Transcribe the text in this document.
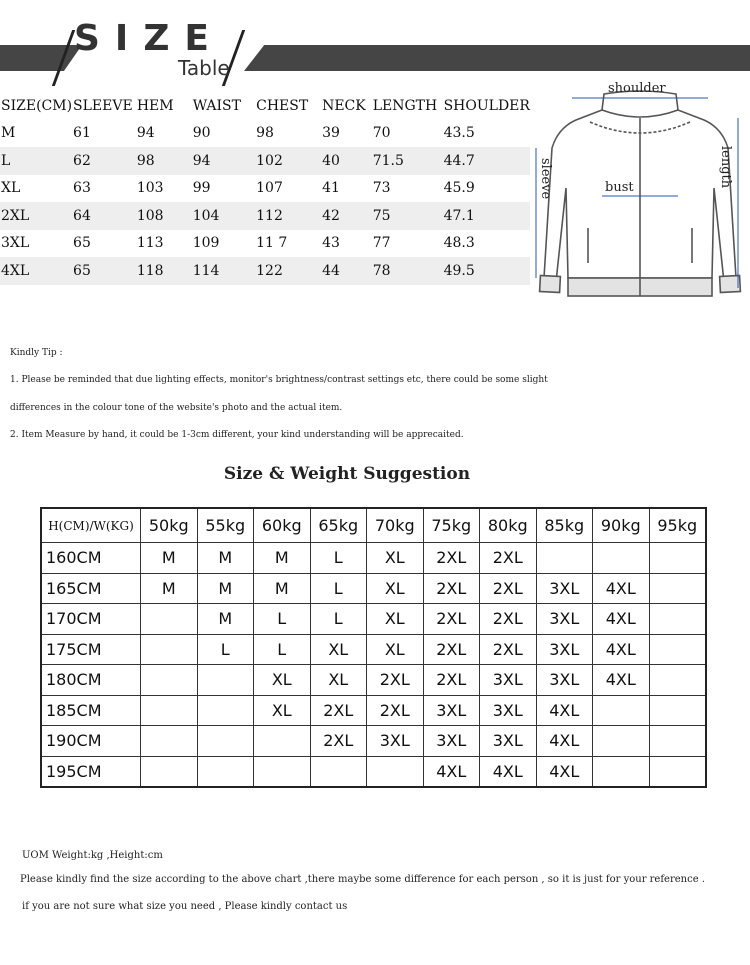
SIZE
Table
SIZE(CM)	SLEEVE	HEM	WAIST	CHEST	NECK	LENGTH	SHOULDER
M	61	94	90	98	39	70	43.5
L	62	98	94	102	40	71.5	44.7
XL	63	103	99	107	41	73	45.9
2XL	64	108	104	112	42	75	47.1
3XL	65	113	109	11 7	43	77	48.3
4XL	65	118	114	122	44	78	49.5
shoulder
bust
sleeve	length
Kindly Tip :
1. Please be reminded that due lighting effects, monitor's brightness/contrast settings etc, there could be some slight
differences in the colour tone of the website's photo and the actual item.
2. Item Measure by hand, it could be 1-3cm different, your kind understanding will be apprecaited.
Size & Weight Suggestion
H(CM)/W(KG)	50kg	55kg	60kg	65kg	70kg	75kg	80kg	85kg	90kg	95kg
160CM	M	M	M	L	XL	2XL	2XL			
165CM	M	M	M	L	XL	2XL	2XL	3XL	4XL	
170CM		M	L	L	XL	2XL	2XL	3XL	4XL	
175CM		L	L	XL	XL	2XL	2XL	3XL	4XL	
180CM			XL	XL	2XL	2XL	3XL	3XL	4XL	
185CM			XL	2XL	2XL	3XL	3XL	4XL		
190CM				2XL	3XL	3XL	3XL	4XL		
195CM						4XL	4XL	4XL		
UOM Weight:kg ,Height:cm
Please kindly find the size according to the above chart ,there maybe some difference for each person , so it is just for your reference .
if you are not sure what size you need , Please kindly contact us
